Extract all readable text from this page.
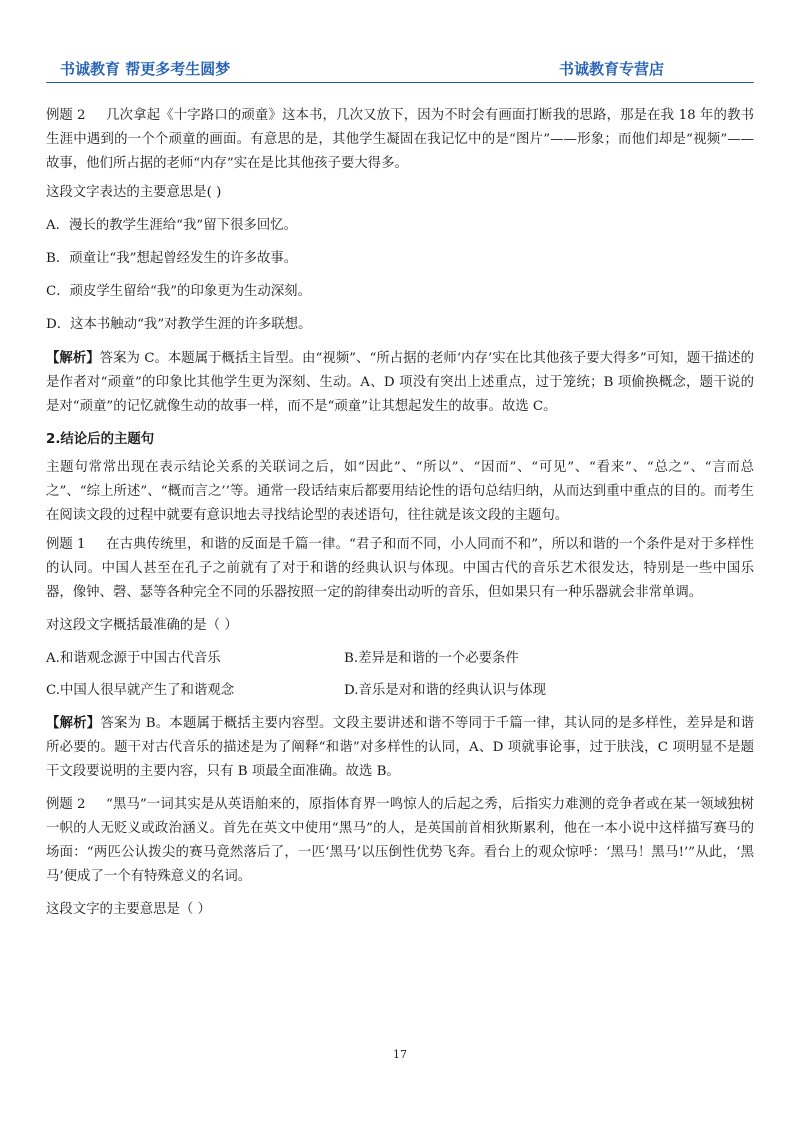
书诚教育 帮更多考生圆梦	书诚教育专营店

例题 2 几次拿起《十字路口的顽童》这本书，几次又放下，因为不时会有画面打断我的思路，那是在我 18 年的教书生涯中遇到的一个个顽童的画面。有意思的是，其他学生凝固在我记忆中的是“图片”——形象；而他们却是“视频”——故事，他们所占据的老师“内存”实在是比其他孩子要大得多。

这段文字表达的主要意思是( )

A．漫长的教学生涯给“我”留下很多回忆。

B．顽童让“我”想起曾经发生的许多故事。

C．顽皮学生留给“我”的印象更为生动深刻。

D．这本书触动“我”对教学生涯的许多联想。

【解析】答案为 C。本题属于概括主旨型。由“视频”、“所占据的老师‘内存’实在比其他孩子要大得多”可知，题干描述的是作者对“顽童”的印象比其他学生更为深刻、生动。A、D 项没有突出上述重点，过于笼统；B 项偷换概念，题干说的是对“顽童”的记忆就像生动的故事一样，而不是“顽童”让其想起发生的故事。故选 C。

2.结论后的主题句

主题句常常出现在表示结论关系的关联词之后，如“因此”、“所以”、“因而”、“可见”、“看来”、“总之”、“言而总之”、“综上所述”、“概而言之’’等。通常一段话结束后都要用结论性的语句总结归纳，从而达到重中重点的目的。而考生在阅读文段的过程中就要有意识地去寻找结论型的表述语句，往往就是该文段的主题句。

例题 1 在古典传统里，和谐的反面是千篇一律。“君子和而不同，小人同而不和”，所以和谐的一个条件是对于多样性的认同。中国人甚至在孔子之前就有了对于和谐的经典认识与体现。中国古代的音乐艺术很发达，特别是一些中国乐器，像钟、磬、瑟等各种完全不同的乐器按照一定的韵律奏出动听的音乐，但如果只有一种乐器就会非常单调。

对这段文字概括最准确的是（ ）

A.和谐观念源于中国古代音乐	B.差异是和谐的一个必要条件
C.中国人很早就产生了和谐观念	D.音乐是对和谐的经典认识与体现

【解析】答案为 B。本题属于概括主要内容型。文段主要讲述和谐不等同于千篇一律，其认同的是多样性，差异是和谐所必要的。题干对古代音乐的描述是为了阐释“和谐”对多样性的认同，A、D 项就事论事，过于肤浅，C 项明显不是题干文段要说明的主要内容，只有 B 项最全面准确。故选 B。

例题 2 “黑马”一词其实是从英语舶来的，原指体育界一鸣惊人的后起之秀，后指实力难测的竞争者或在某一领域独树一帜的人无贬义或政治涵义。首先在英文中使用“黑马”的人，是英国前首相狄斯累利，他在一本小说中这样描写赛马的场面：“两匹公认拨尖的赛马竟然落后了，一匹‘黑马’以压倒性优势飞奔。看台上的观众惊呼：‘黑马！黑马!’”从此，‘黑马’便成了一个有特殊意义的名词。

这段文字的主要意思是（ ）

17
